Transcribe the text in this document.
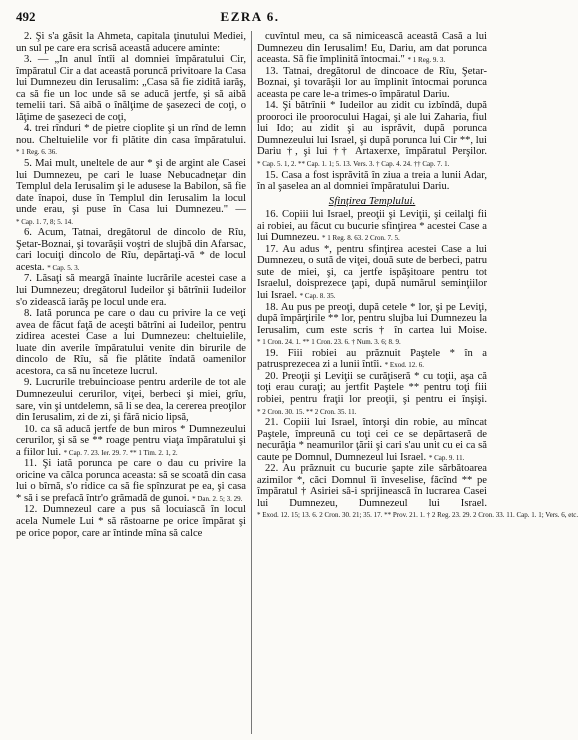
492	EZRA 6.

2. Şi s'a găsit la Ahmeta, capitala ţinutului Mediei, un sul pe care era scrisă această aducere aminte:

3. — „In anul întîi al domniei împăratului Cir, împăratul Cir a dat această poruncă privitoare la Casa lui Dumnezeu din Ierusalim: „Casa să fie zidită iarăş, ca să fie un loc unde să se aducă jertfe, şi să aibă temelii tari. Să aibă o înălţime de şasezeci de coţi, o lăţime de şasezeci de coţi,

4. trei rînduri * de pietre cioplite şi un rînd de lemn nou. Cheltuielile vor fi plătite din casa împăratului. * 1 Reg. 6. 36.

5. Mai mult, uneltele de aur * şi de argint ale Casei lui Dumnezeu, pe cari le luase Nebucadneţar din Templul dela Ierusalim şi le adusese la Babilon, să fie date înapoi, duse în Templul din Ierusalim la locul unde erau, şi puse în Casa lui Dumnezeu." — * Cap. 1. 7, 8; 5. 14.

6. Acum, Tatnai, dregătorul de dincolo de Rîu, Şetar-Boznai, şi tovarăşii voştri de slujbă din Afarsac, cari locuiţi dincolo de Rîu, depărtaţi-vă * de locul acesta. * Cap. 5. 3.

7. Lăsaţi să meargă înainte lucrările acestei case a lui Dumnezeu; dregătorul Iudeilor şi bătrînii Iudeilor s'o zidească iarăş pe locul unde era.

8. Iată porunca pe care o dau cu privire la ce veţi avea de făcut faţă de aceşti bătrîni ai Iudeilor, pentru zidirea acestei Case a lui Dumnezeu: cheltuielile, luate din averile împăratului venite din birurile de dincolo de Rîu, să fie plătite îndată oamenilor acestora, ca să nu înceteze lucrul.

9. Lucrurile trebuincioase pentru arderile de tot ale Dumnezeului cerurilor, viţei, berbeci şi miei, grîu, sare, vin şi untdelemn, să li se dea, la cererea preoţilor din Ierusalim, zi de zi, şi fără nicio lipsă,

10. ca să aducă jertfe de bun miros * Dumnezeului cerurilor, şi să se ** roage pentru viaţa împăratului şi a fiilor lui. * Cap. 7. 23. Ier. 29. 7. ** 1 Tim. 2. 1, 2.

11. Şi iată porunca pe care o dau cu privire la oricine va călca porunca aceasta: să se scoată din casa lui o bîrnă, s'o ridice ca să fie spînzurat pe ea, şi casa * să i se prefacă într'o grămadă de gunoi. * Dan. 2. 5; 3. 29.

12. Dumnezeul care a pus să locuiască în locul acela Numele Lui * să răstoarne pe orice împărat şi pe orice popor, care ar întinde mîna să calce

cuvîntul meu, ca să nimicească această Casă a lui Dumnezeu din Ierusalim! Eu, Dariu, am dat porunca aceasta. Să fie împlinită întocmai." * 1 Reg. 9. 3.

13. Tatnai, dregătorul de dincoace de Rîu, Şetar-Boznai, şi tovarăşii lor au împlinit întocmai porunca aceasta pe care le-a trimes-o împăratul Dariu.

14. Şi bătrînii * Iudeilor au zidit cu izbîndă, după prooroci ile proorocului Hagai, şi ale lui Zaharia, fiul lui Ido; au zidit şi au isprăvit, după porunca Dumnezeului lui Israel, şi după porunca lui Cir **, lui Dariu †, şi lui †† Artaxerxe, împăratul Perşilor. * Cap. 5. 1, 2. ** Cap. 1. 1; 5. 13. Vers. 3. † Cap. 4. 24. †† Cap. 7. 1.

15. Casa a fost isprăvită în ziua a treia a lunii Adar, în al şaselea an al domniei împăratului Dariu.

Sfinţirea Templului.

16. Copiii lui Israel, preoţii şi Leviţii, şi ceilalţi fii ai robiei, au făcut cu bucurie sfinţirea * acestei Case a lui Dumnezeu. * 1 Reg. 8. 63. 2 Cron. 7. 5.

17. Au adus *, pentru sfinţirea acestei Case a lui Dumnezeu, o sută de viţei, două sute de berbeci, patru sute de miei, şi, ca jertfe ispăşitoare pentru tot Israelul, doisprezece ţapi, după numărul seminţiilor lui Israel. * Cap. 8. 35.

18. Au pus pe preoţi, după cetele * lor, şi pe Leviţi, după împărţirile ** lor, pentru slujba lui Dumnezeu la Ierusalim, cum este scris † în cartea lui Moise. * 1 Cron. 24. 1. ** 1 Cron. 23. 6. † Num. 3. 6; 8. 9.

19. Fiii robiei au prăznuit Paştele * în a patrusprezecea zi a lunii întîi. * Exod. 12. 6.

20. Preoţii şi Leviţii se curăţiseră * cu toţii, aşa că toţi erau curaţi; au jertfit Paştele ** pentru toţi fiii robiei, pentru fraţii lor preoţii, şi pentru ei înşişi. * 2 Cron. 30. 15. ** 2 Cron. 35. 11.

21. Copiii lui Israel, întorşi din robie, au mîncat Paştele, împreună cu toţi cei ce se depărtaseră de necurăţia * neamurilor ţării şi cari s'au unit cu ei ca să caute pe Domnul, Dumnezeul lui Israel. * Cap. 9. 11.

22. Au prăznuit cu bucurie şapte zile sărbătoarea azimilor *, căci Domnul îi înveselise, făcînd ** pe împăratul † Asiriei să-i sprijinească în lucrarea Casei lui Dumnezeu, Dumnezeul lui Israel. * Exod. 12. 15; 13. 6. 2 Cron. 30. 21; 35. 17. ** Prov. 21. 1. † 2 Reg. 23. 29. 2 Cron. 33. 11. Cap. 1. 1; Vers. 6, etc.
